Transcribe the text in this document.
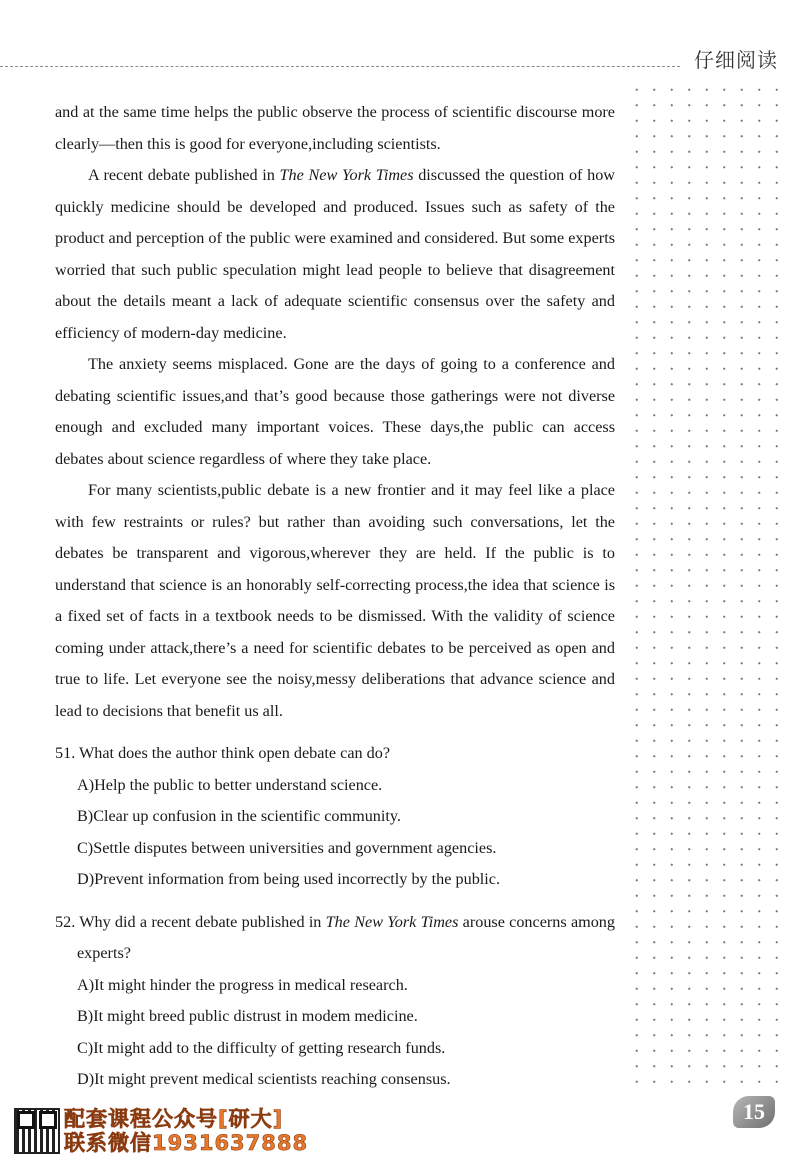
仔细阅读

and at the same time helps the public observe the process of scientific discourse more clearly—then this is good for everyone,including scientists.

A recent debate published in The New York Times discussed the question of how quickly medicine should be developed and produced. Issues such as safety of the product and perception of the public were examined and considered. But some experts worried that such public speculation might lead people to believe that disagreement about the details meant a lack of adequate scientific consensus over the safety and efficiency of modern-day medicine.

The anxiety seems misplaced. Gone are the days of going to a conference and debating scientific issues,and that’s good because those gatherings were not diverse enough and excluded many important voices. These days,the public can access debates about science regardless of where they take place.

For many scientists,public debate is a new frontier and it may feel like a place with few restraints or rules? but rather than avoiding such conversations, let the debates be transparent and vigorous,wherever they are held. If the public is to understand that science is an honorably self-correcting process,the idea that science is a fixed set of facts in a textbook needs to be dismissed. With the validity of science coming under attack,there’s a need for scientific debates to be perceived as open and true to life. Let everyone see the noisy,messy deliberations that advance science and lead to decisions that benefit us all.

51. What does the author think open debate can do?
A)Help the public to better understand science.
B)Clear up confusion in the scientific community.
C)Settle disputes between universities and government agencies.
D)Prevent information from being used incorrectly by the public.
52. Why did a recent debate published in The New York Times arouse concerns among experts?
A)It might hinder the progress in medical research.
B)It might breed public distrust in modem medicine.
C)It might add to the difficulty of getting research funds.
D)It might prevent medical scientists reaching consensus.
15
配套课程公众号[研大]
联系微信1931637888
